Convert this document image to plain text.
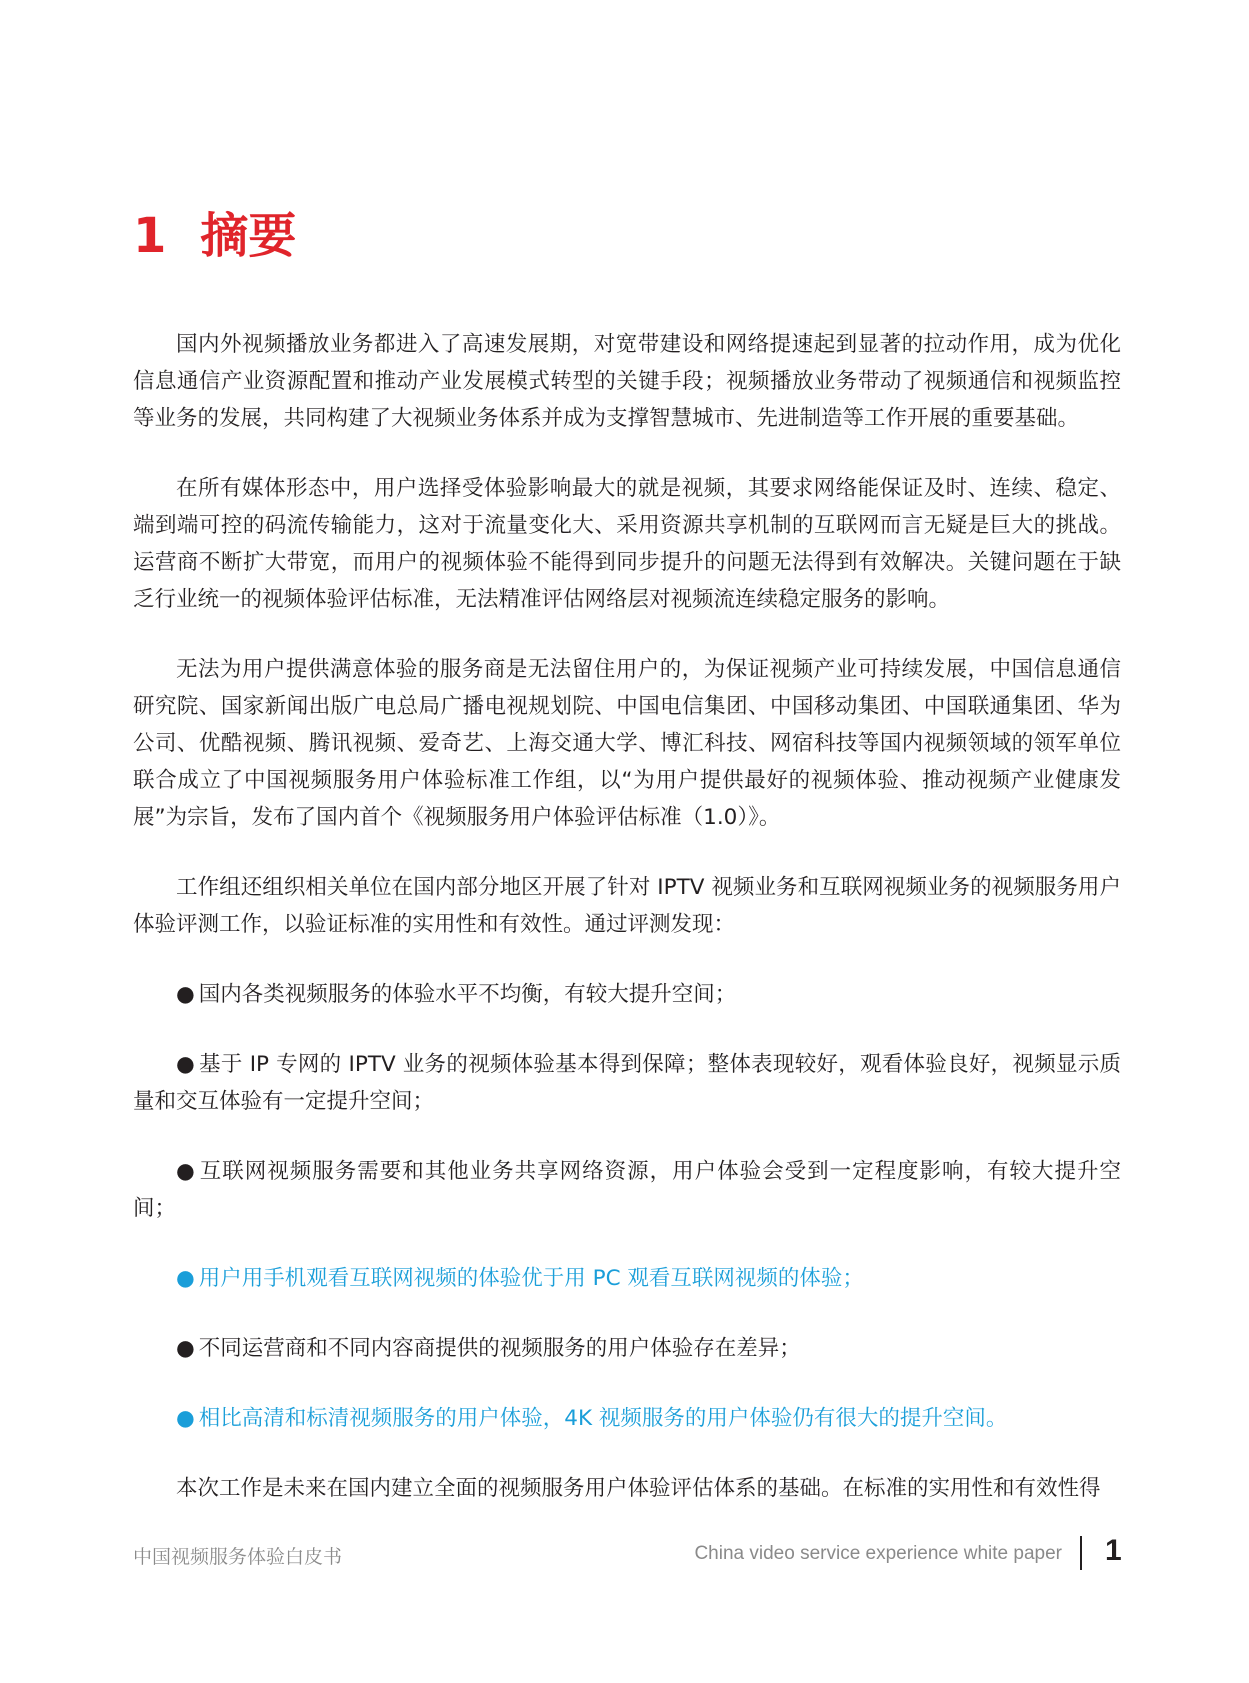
1 摘要

国内外视频播放业务都进入了高速发展期，对宽带建设和网络提速起到显著的拉动作用，成为优化信息通信产业资源配置和推动产业发展模式转型的关键手段；视频播放业务带动了视频通信和视频监控等业务的发展，共同构建了大视频业务体系并成为支撑智慧城市、先进制造等工作开展的重要基础。

在所有媒体形态中，用户选择受体验影响最大的就是视频，其要求网络能保证及时、连续、稳定、端到端可控的码流传输能力，这对于流量变化大、采用资源共享机制的互联网而言无疑是巨大的挑战。运营商不断扩大带宽，而用户的视频体验不能得到同步提升的问题无法得到有效解决。关键问题在于缺乏行业统一的视频体验评估标准，无法精准评估网络层对视频流连续稳定服务的影响。

无法为用户提供满意体验的服务商是无法留住用户的，为保证视频产业可持续发展，中国信息通信研究院、国家新闻出版广电总局广播电视规划院、中国电信集团、中国移动集团、中国联通集团、华为公司、优酷视频、腾讯视频、爱奇艺、上海交通大学、博汇科技、网宿科技等国内视频领域的领军单位联合成立了中国视频服务用户体验标准工作组，以“为用户提供最好的视频体验、推动视频产业健康发展”为宗旨，发布了国内首个《视频服务用户体验评估标准（1.0）》。

工作组还组织相关单位在国内部分地区开展了针对 IPTV 视频业务和互联网视频业务的视频服务用户体验评测工作，以验证标准的实用性和有效性。通过评测发现：

● 国内各类视频服务的体验水平不均衡，有较大提升空间；

● 基于 IP 专网的 IPTV 业务的视频体验基本得到保障；整体表现较好，观看体验良好，视频显示质量和交互体验有一定提升空间；

● 互联网视频服务需要和其他业务共享网络资源，用户体验会受到一定程度影响，有较大提升空间；

● 用户用手机观看互联网视频的体验优于用 PC 观看互联网视频的体验；

● 不同运营商和不同内容商提供的视频服务的用户体验存在差异；

● 相比高清和标清视频服务的用户体验，4K 视频服务的用户体验仍有很大的提升空间。

本次工作是未来在国内建立全面的视频服务用户体验评估体系的基础。在标准的实用性和有效性得

中国视频服务体验白皮书	China video service experience white paper 1
